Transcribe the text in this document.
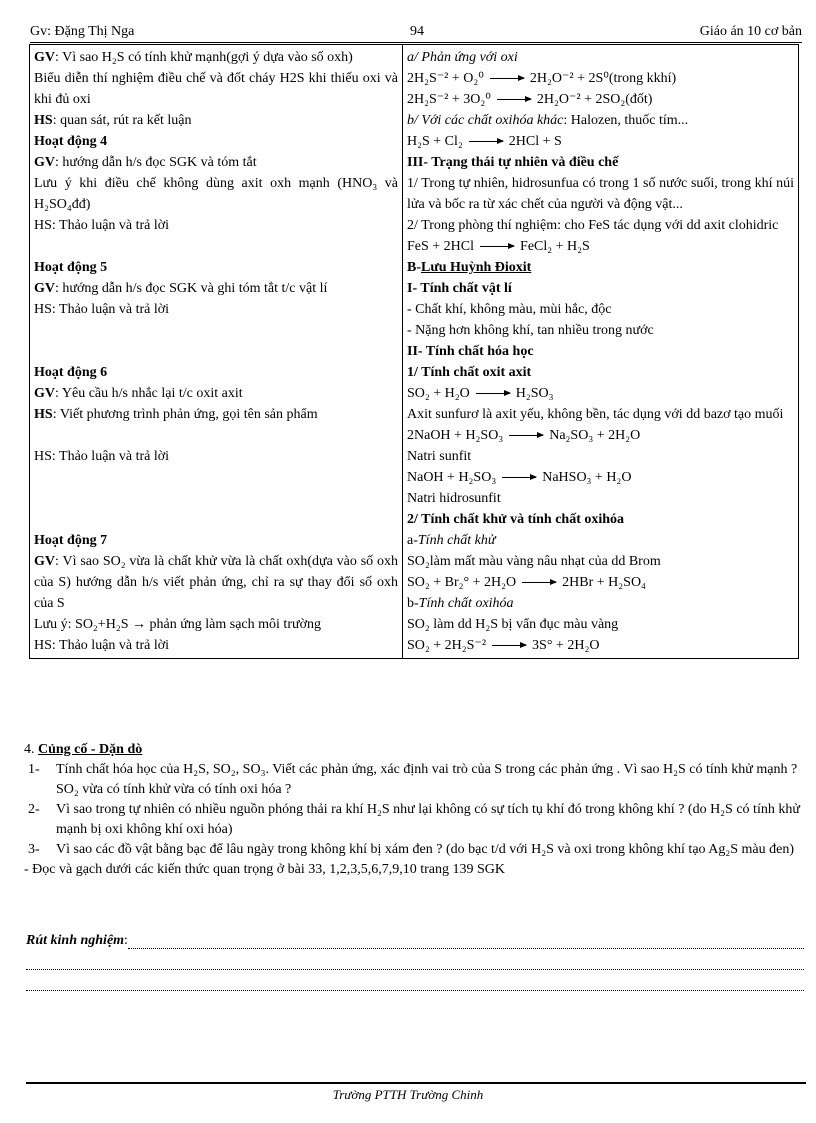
Gv: Đặng Thị Nga	94	Giáo án 10 cơ bản
GV: Vì sao H₂S có tính khử mạnh(gợi ý dựa vào số oxh)
Biểu diễn thí nghiệm điều chế và đốt cháy H2S khi thiếu oxi và khi đủ oxi
HS: quan sát, rút ra kết luận
Hoạt động 4
GV: hướng dẫn h/s đọc SGK và tóm tắt
Lưu ý khi điều chế không dùng axit oxh mạnh (HNO₃ và H₂SO₄đđ)
HS: Thảo luận và trả lời
Hoạt động 5
GV: hướng dẫn h/s đọc SGK và ghi tóm tắt t/c vật lí
HS: Thảo luận và trả lời
Hoạt động 6
GV: Yêu cầu h/s nhắc lại t/c oxit axit
HS: Viết phương trình phản ứng, gọi tên sản phẩm
HS: Thảo luận và trả lời
Hoạt động 7
GV: Vì sao SO₂ vừa là chất khử vừa là chất oxh(dựa vào số oxh của S) hướng dẫn h/s viết phản ứng, chỉ ra sự thay đổi số oxh của S
Lưu ý: SO₂+H₂S → phản ứng làm sạch môi trường
HS: Thảo luận và trả lời

a/ Phản ứng với oxi
2H₂S⁻² + O₂⁰	2H₂O⁻² + 2S⁰(trong kkhí)
2H₂S⁻² + 3O₂⁰	2H₂O⁻² + 2SO₂(đốt)
b/ Với các chất oxihóa khác: Halozen, thuốc tím...
H₂S + Cl₂	2HCl + S
III- Trạng thái tự nhiên và điều chế
1/ Trong tự nhiên, hidrosunfua có trong 1 số nước suối, trong khí núi lửa và bốc ra từ xác chết của người và động vật...
2/ Trong phòng thí nghiệm: cho FeS tác dụng với dd axit clohidric
FeS + 2HCl	FeCl₂ + H₂S
B-Lưu Huỳnh Đioxit
I- Tính chất vật lí
- Chất khí, không màu, mùi hắc, độc
- Nặng hơn không khí, tan nhiều trong nước
II- Tính chất hóa học
1/ Tính chất oxit axit
SO₂ + H₂O	H₂SO₃
Axit sunfurơ là axit yếu, không bền, tác dụng với dd bazơ tạo muối
2NaOH + H₂SO₃	Na₂SO₃ + 2H₂O
Natri sunfit
NaOH + H₂SO₃	NaHSO₃ + H₂O
Natri hidrosunfit
2/ Tính chất khử và tính chất oxihóa
a-Tính chất khử
SO₂làm mất màu vàng nâu nhạt của dd Brom
SO₂ + Br₂° + 2H₂O	2HBr + H₂SO₄
b-Tính chất oxihóa
SO₂ làm dd H₂S bị vẩn đục màu vàng
SO₂ + 2H₂S⁻²	3S° + 2H₂O
4. Củng cố - Dặn dò
1- Tính chất hóa học của H₂S, SO₂, SO₃. Viết các phản ứng, xác định vai trò của S trong các phản ứng . Vì sao H₂S có tính khử mạnh ? SO₂ vừa có tính khử vừa có tính oxi hóa ?
2- Vì sao trong tự nhiên có nhiều nguồn phóng thải ra khí H₂S như lại không có sự tích tụ khí đó trong không khí ? (do H₂S có tính khử mạnh bị oxi không khí oxi hóa)
3- Vì sao các đồ vật bằng bạc để lâu ngày trong không khí bị xám đen ? (do bạc t/d với H₂S và oxi trong không khí tạo Ag₂S màu đen)
- Đọc và gạch dưới các kiến thức quan trọng ở bài 33, 1,2,3,5,6,7,9,10 trang 139 SGK
Rút kinh nghiệm :
Trường PTTH Trường Chinh
